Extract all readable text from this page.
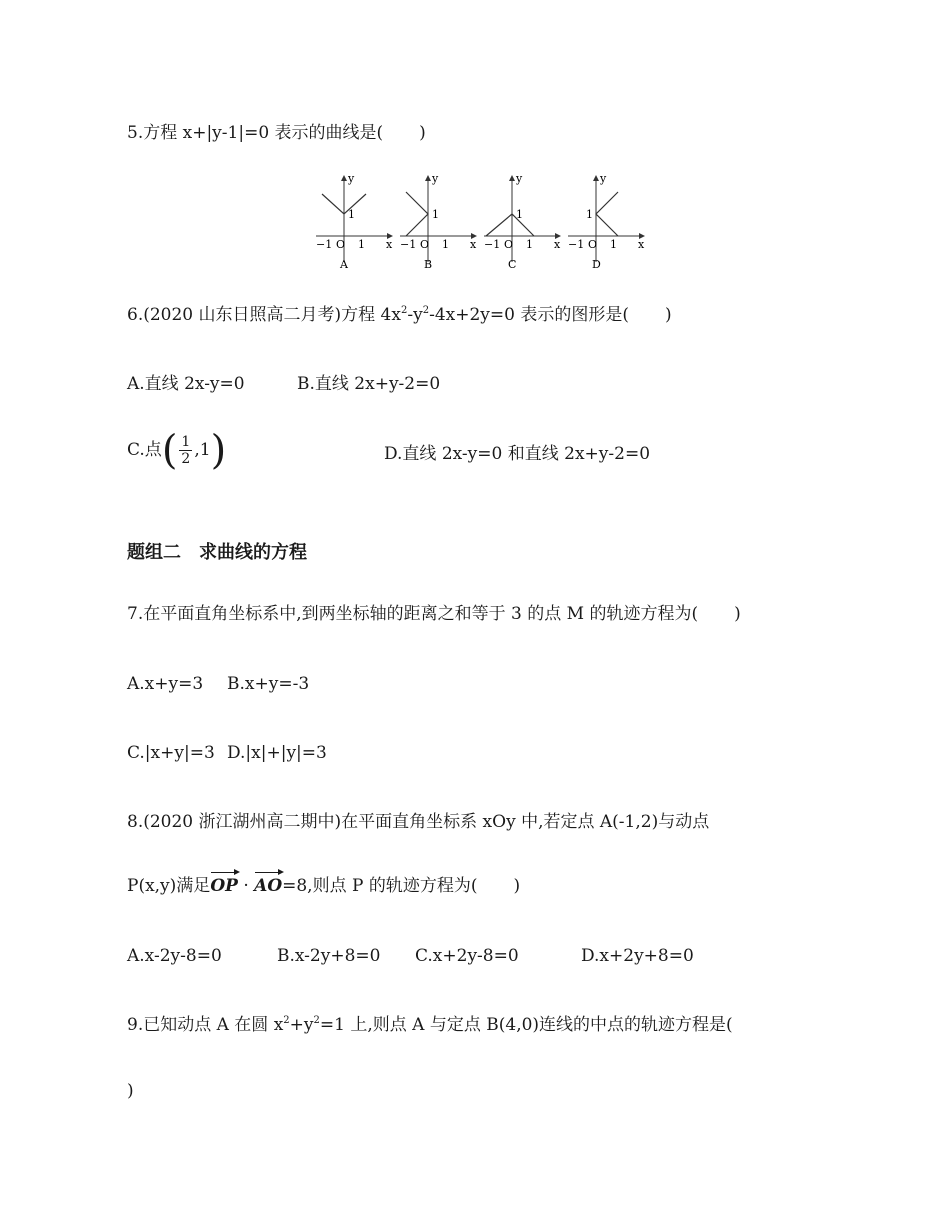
5.方程 x+|y-1|=0 表示的曲线是( )
y
x
1
−1 O 1
A
y
x
1
−1 O 1
B
y
x
1
−1 O 1
C
y
x
1
−1 O 1
D
6.(2020 山东日照高二月考)方程 $4x^2-y^2-4x+2y=0$ 表示的图形是( )
A.直线 2x-y=0	B.直线 2x+y-2=0
C.点( $\frac{1}{2} ,1$)	D.直线 2x-y=0 和直线 2x+y-2=0
题组二　求曲线的方程
7.在平面直角坐标系中,到两坐标轴的距离之和等于 3 的点 M 的轨迹方程为( )
A.x+y=3 B.x+y=-3
C.|x+y|=3 D.|x|+|y|=3
8.(2020 浙江湖州高二期中)在平面直角坐标系 xOy 中,若定点 A(-1,2)与动点
P(x,y)满足OP · AO=8,则点 P 的轨迹方程为( )
A.x-2y-8=0	B.x-2y+8=0 C.x+2y-8=0	D.x+2y+8=0
9.已知动点 A 在圆 $x^2+y^2=1$ 上,则点 A 与定点 B(4,0)连线的中点的轨迹方程是(
)
